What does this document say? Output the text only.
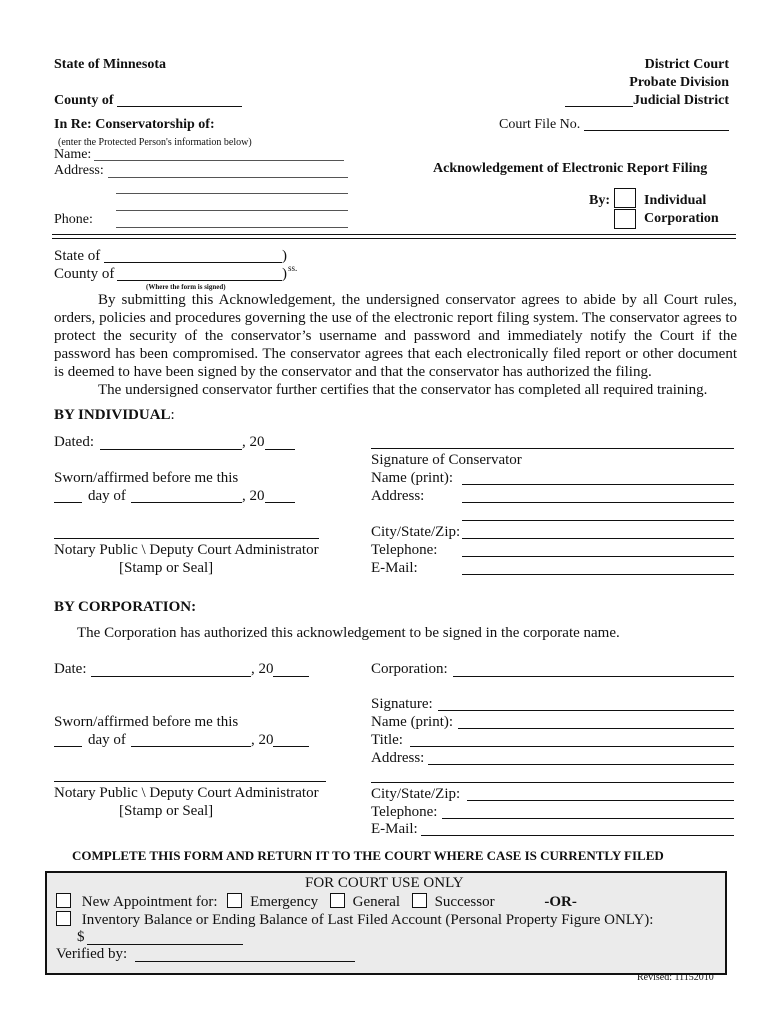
State of Minnesota	District Court
Probate Division
County of	Judicial District
In Re: Conservatorship of:	Court File No.
(enter the Protected Person's information below)
Name:
Address:
Phone:
Acknowledgement of Electronic Report Filing
By: Individual
Corporation
State of	)
County of	) ss.
(Where the form is signed)

By submitting this Acknowledgement, the undersigned conservator agrees to abide by all Court rules, orders, policies and procedures governing the use of the electronic report filing system. The conservator agrees to protect the security of the conservator’s username and password and immediately notify the Court if the password has been compromised. The conservator agrees that each electronically filed report or other document is deemed to have been signed by the conservator and that the conservator has authorized the filing.

The undersigned conservator further certifies that the conservator has completed all required training.

BY INDIVIDUAL:
Dated:	, 20
Signature of Conservator
Sworn/affirmed before me this	Name (print):
day of	, 20	Address:
City/State/Zip:
Notary Public \ Deputy Court Administrator	Telephone:
[Stamp or Seal]	E-Mail:
BY CORPORATION:
The Corporation has authorized this acknowledgement to be signed in the corporate name.
Date:	, 20	Corporation:
Signature:
Sworn/affirmed before me this	Name (print):
day of	, 20	Title:
Address:
Notary Public \ Deputy Court Administrator	City/State/Zip:
[Stamp or Seal]	Telephone:
E-Mail:
COMPLETE THIS FORM AND RETURN IT TO THE COURT WHERE CASE IS CURRENTLY FILED
FOR COURT USE ONLY
New Appointment for: Emergency General Successor	-OR-
Inventory Balance or Ending Balance of Last Filed Account (Personal Property Figure ONLY):
$
Verified by:
Revised: 11152010
